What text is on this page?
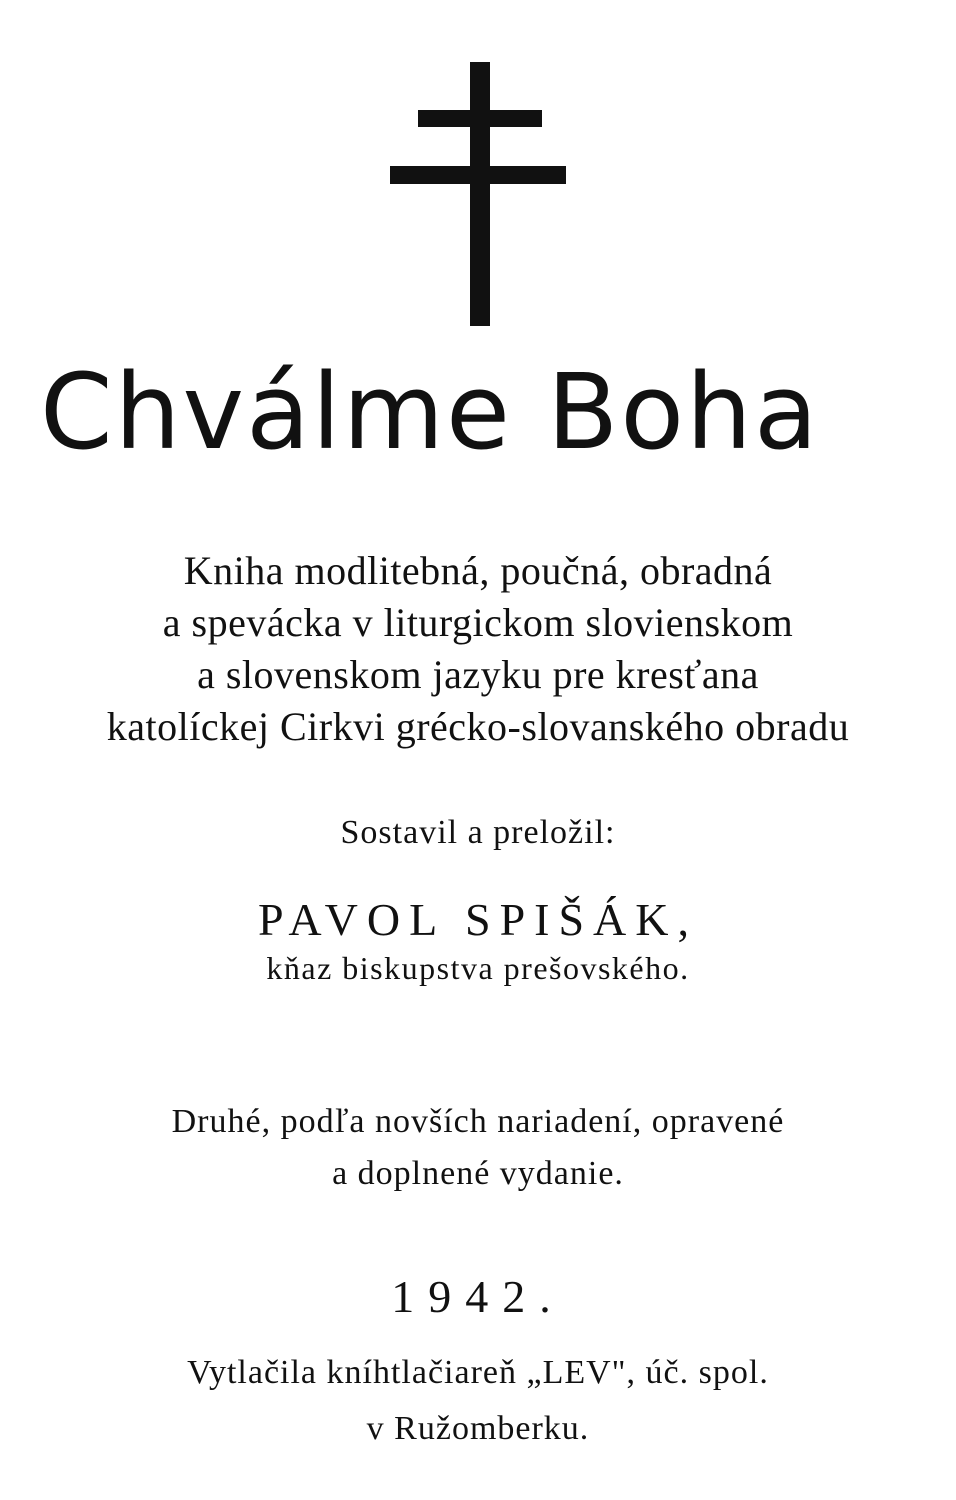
Chválme Boha
Kniha modlitebná, poučná, obradná
a spevácka v liturgickom slovienskom
a slovenskom jazyku pre kresťana
katolíckej Cirkvi grécko-slovanského obradu
Sostavil a preložil:
PAVOL SPIŠÁK,
kňaz biskupstva prešovského.
Druhé, podľa novších nariadení, opravené
a doplnené vydanie.
1942.
Vytlačila kníhtlačiareň „LEV", úč. spol.
v Ružomberku.
